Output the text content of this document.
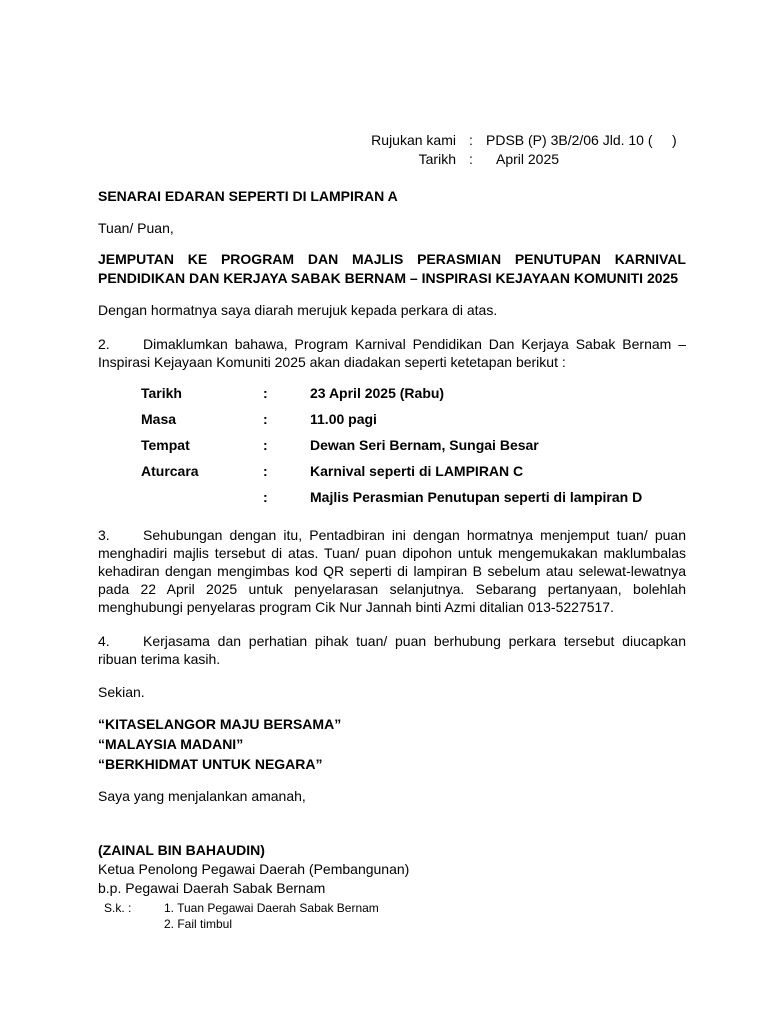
Rujukan kami : PDSB (P) 3B/2/06 Jld. 10 (     )
Tarikh :	April 2025
SENARAI EDARAN SEPERTI DI LAMPIRAN A
Tuan/ Puan,
JEMPUTAN KE PROGRAM DAN MAJLIS PERASMIAN PENUTUPAN KARNIVAL PENDIDIKAN DAN KERJAYA SABAK BERNAM – INSPIRASI KEJAYAAN KOMUNITI 2025
Dengan hormatnya saya diarah merujuk kepada perkara di atas.
2. Dimaklumkan bahawa, Program Karnival Pendidikan Dan Kerjaya Sabak Bernam – Inspirasi Kejayaan Komuniti 2025 akan diadakan seperti ketetapan berikut :
Tarikh	:	23 April 2025 (Rabu)
Masa	:	11.00 pagi
Tempat	:	Dewan Seri Bernam, Sungai Besar
Aturcara	:	Karnival seperti di LAMPIRAN C
:	Majlis Perasmian Penutupan seperti di lampiran D
3. Sehubungan dengan itu, Pentadbiran ini dengan hormatnya menjemput tuan/ puan menghadiri majlis tersebut di atas. Tuan/ puan dipohon untuk mengemukakan maklumbalas kehadiran dengan mengimbas kod QR seperti di lampiran B sebelum atau selewat-lewatnya pada 22 April 2025 untuk penyelarasan selanjutnya. Sebarang pertanyaan, bolehlah menghubungi penyelaras program Cik Nur Jannah binti Azmi ditalian 013-5227517.
4. Kerjasama dan perhatian pihak tuan/ puan berhubung perkara tersebut diucapkan ribuan terima kasih.
Sekian.
“KITASELANGOR MAJU BERSAMA”
“MALAYSIA MADANI”
“BERKHIDMAT UNTUK NEGARA”
Saya yang menjalankan amanah,
(ZAINAL BIN BAHAUDIN)
Ketua Penolong Pegawai Daerah (Pembangunan)
b.p. Pegawai Daerah Sabak Bernam
S.k. :	1. Tuan Pegawai Daerah Sabak Bernam
2. Fail timbul
